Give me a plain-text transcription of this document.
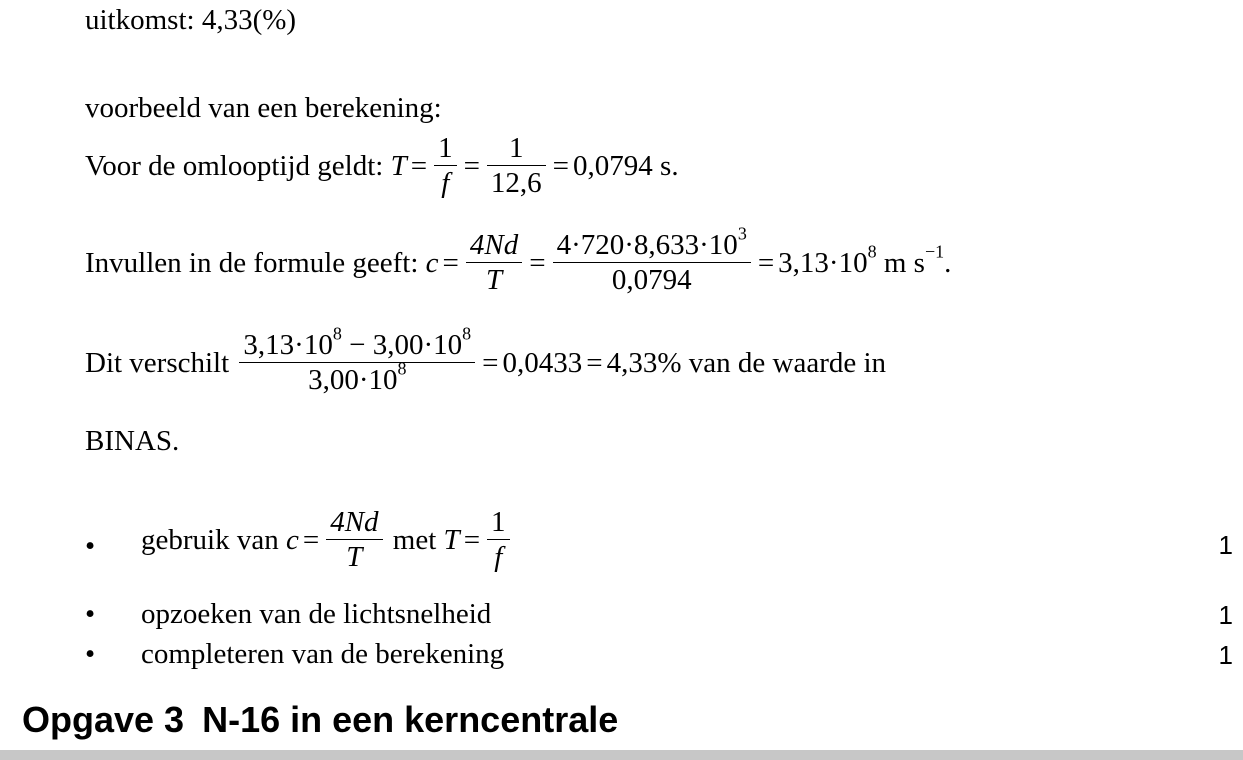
uitkomst:
4,33 (%)
voorbeeld van een berekening:
Voor de omlooptijd geldt:
$T = \frac{1}{f} = \frac{1}{12,6} = 0,0794$ s.
Invullen in de formule geeft:
$c = \frac{4Nd}{T} = \frac{4\cdot 720\cdot 8,633\cdot 10^3}{0,0794} = 3,13\cdot 10^8$
m $s^{-1}$.
Dit verschilt
$\frac{3,13\cdot 10^8 - 3,00\cdot 10^8}{3,00\cdot 10^8} = 0,0433 = 4,33\%$
van de waarde in
BINAS.
• gebruik van
$c = \frac{4Nd}{T}$
met
$T = \frac{1}{f}$	1
• opzoeken van de lichtsnelheid	1
• completeren van de berekening	1
Opgave 3 N-16 in een kerncentrale
